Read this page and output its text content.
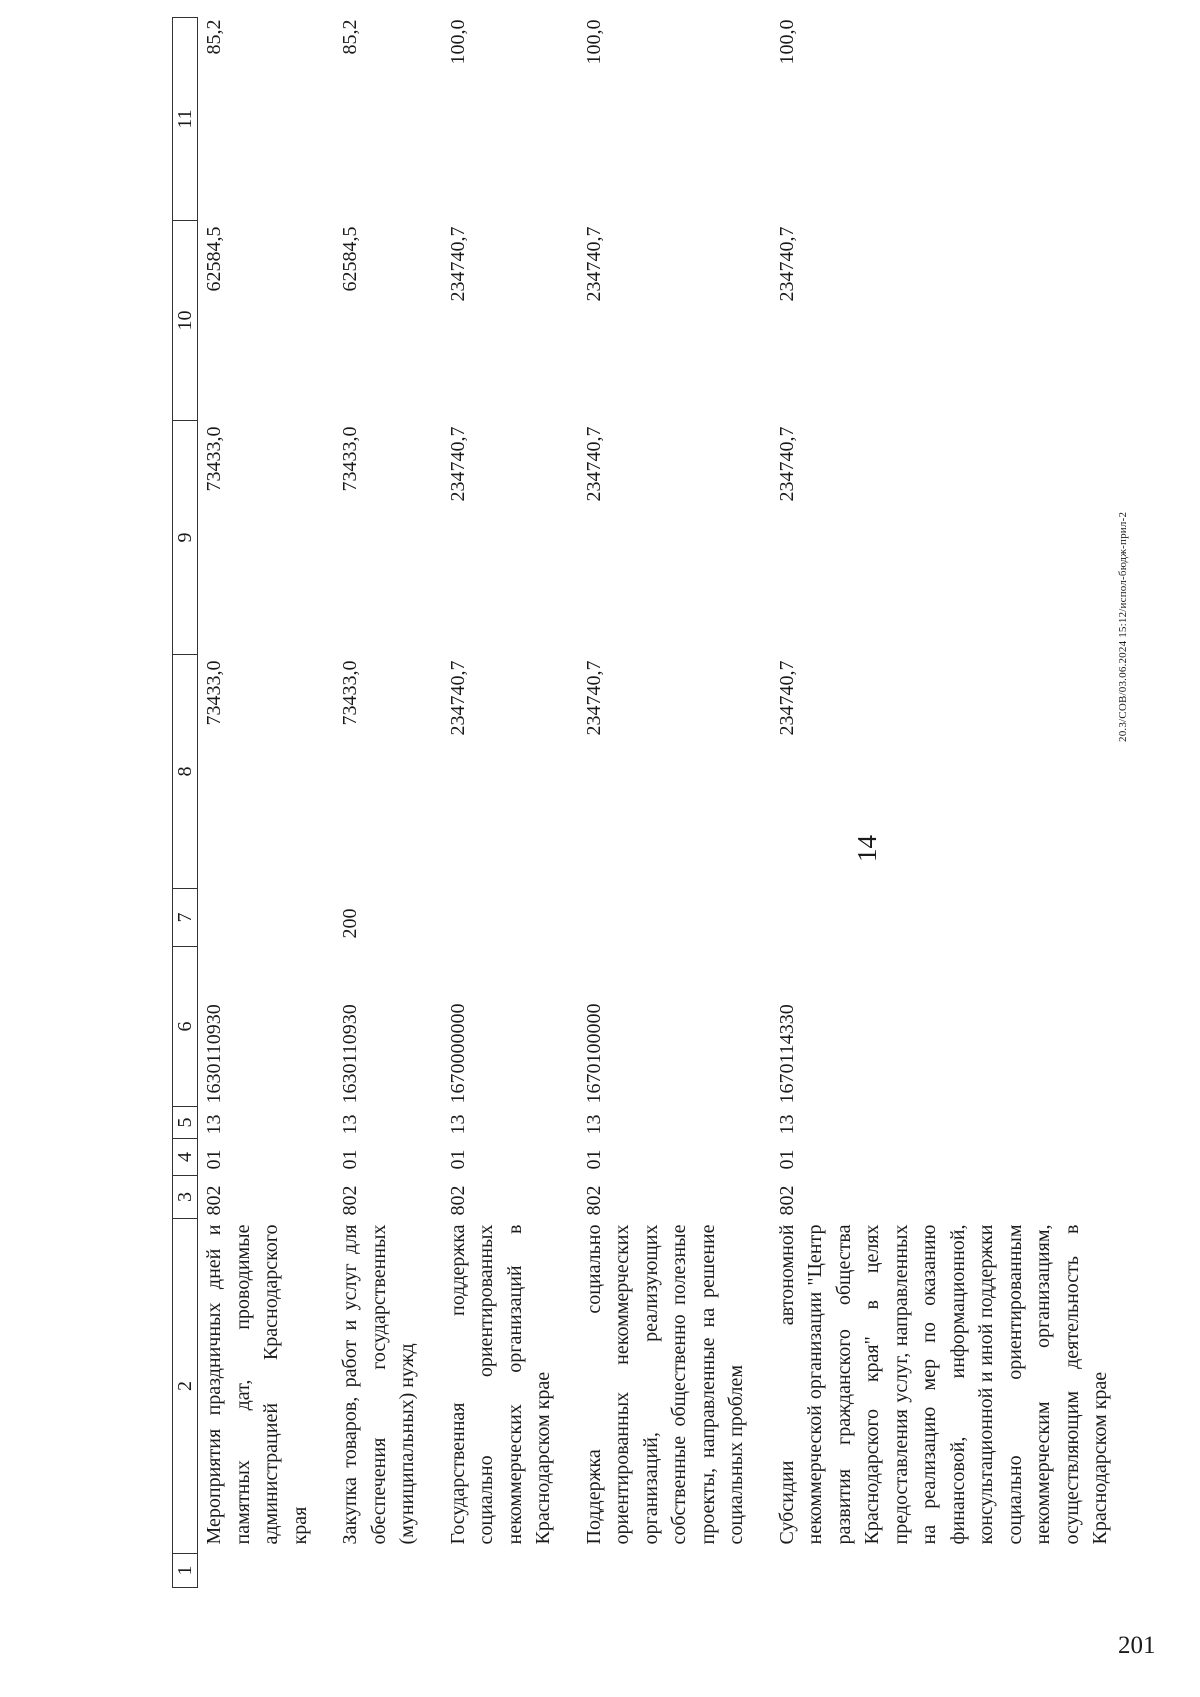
14
1	2	3	4	5	6	7	8	9	10	11
	Мероприятия праздничных дней и памятных дат, проводимые администрацией Краснодарского края	802	01	13	1630110930		73433,0	73433,0	62584,5	85,2
	Закупка товаров, работ и услуг для обеспечения государственных (муниципальных) нужд	802	01	13	1630110930	200	73433,0	73433,0	62584,5	85,2
	Государственная поддержка социально ориентированных некоммерческих организаций в Краснодарском крае	802	01	13	1670000000		234740,7	234740,7	234740,7	100,0
	Поддержка социально ориентированных некоммерческих организаций, реализующих собственные общественно полезные проекты, направленные на решение социальных проблем	802	01	13	1670100000		234740,7	234740,7	234740,7	100,0
	Субсидии автономной некоммерческой организации "Центр развития гражданского общества Краснодарского края" в целях предоставления услуг, направленных на реализацию мер по оказанию финансовой, информационной, консультационной и иной поддержки социально ориентированным некоммерческим организациям, осуществляющим деятельность в Краснодарском крае	802	01	13	1670114330		234740,7	234740,7	234740,7	100,0
20.3/СОВ/03.06.2024 15:12/испол-бюдж-прил-2
201
